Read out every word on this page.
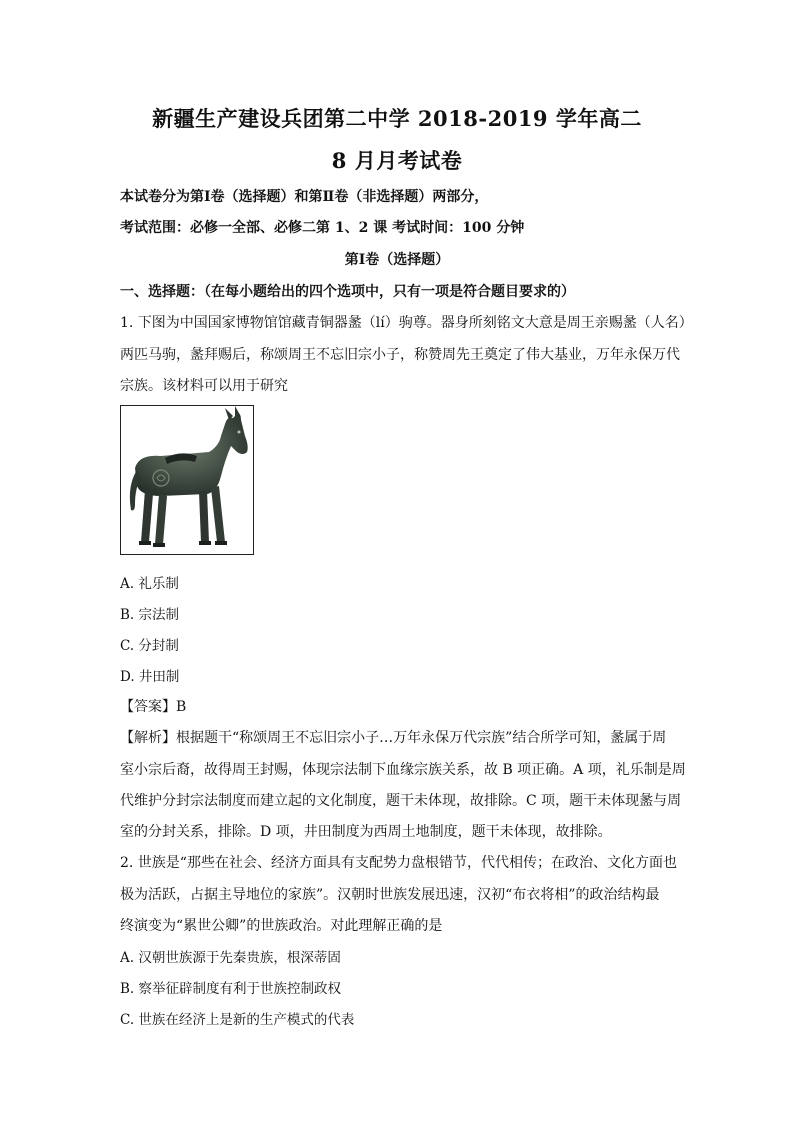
新疆生产建设兵团第二中学 2018-2019 学年高二
8 月月考试卷
本试卷分为第Ⅰ卷（选择题）和第Ⅱ卷（非选择题）两部分，
考试范围：必修一全部、必修二第 1、2 课 考试时间：100 分钟
第Ⅰ卷（选择题）
一、选择题：（在每小题给出的四个选项中，只有一项是符合题目要求的）
1. 下图为中国国家博物馆馆藏青铜器盠（lí）驹尊。器身所刻铭文大意是周王亲赐盠（人名）
两匹马驹，盠拜赐后，称颂周王不忘旧宗小子，称赞周先王奠定了伟大基业，万年永保万代
宗族。该材料可以用于研究
A. 礼乐制
B. 宗法制
C. 分封制
D. 井田制
【答案】B
【解析】根据题干“称颂周王不忘旧宗小子…万年永保万代宗族”结合所学可知，盠属于周
室小宗后裔，故得周王封赐，体现宗法制下血缘宗族关系，故 B 项正确。A 项，礼乐制是周
代维护分封宗法制度而建立起的文化制度，题干未体现，故排除。C 项，题干未体现盠与周
室的分封关系，排除。D 项，井田制度为西周土地制度，题干未体现，故排除。
2. 世族是“那些在社会、经济方面具有支配势力盘根错节，代代相传；在政治、文化方面也
极为活跃，占据主导地位的家族”。汉朝时世族发展迅速，汉初“布衣将相”的政治结构最
终演变为“累世公卿”的世族政治。对此理解正确的是
A. 汉朝世族源于先秦贵族，根深蒂固
B. 察举征辟制度有利于世族控制政权
C. 世族在经济上是新的生产模式的代表
